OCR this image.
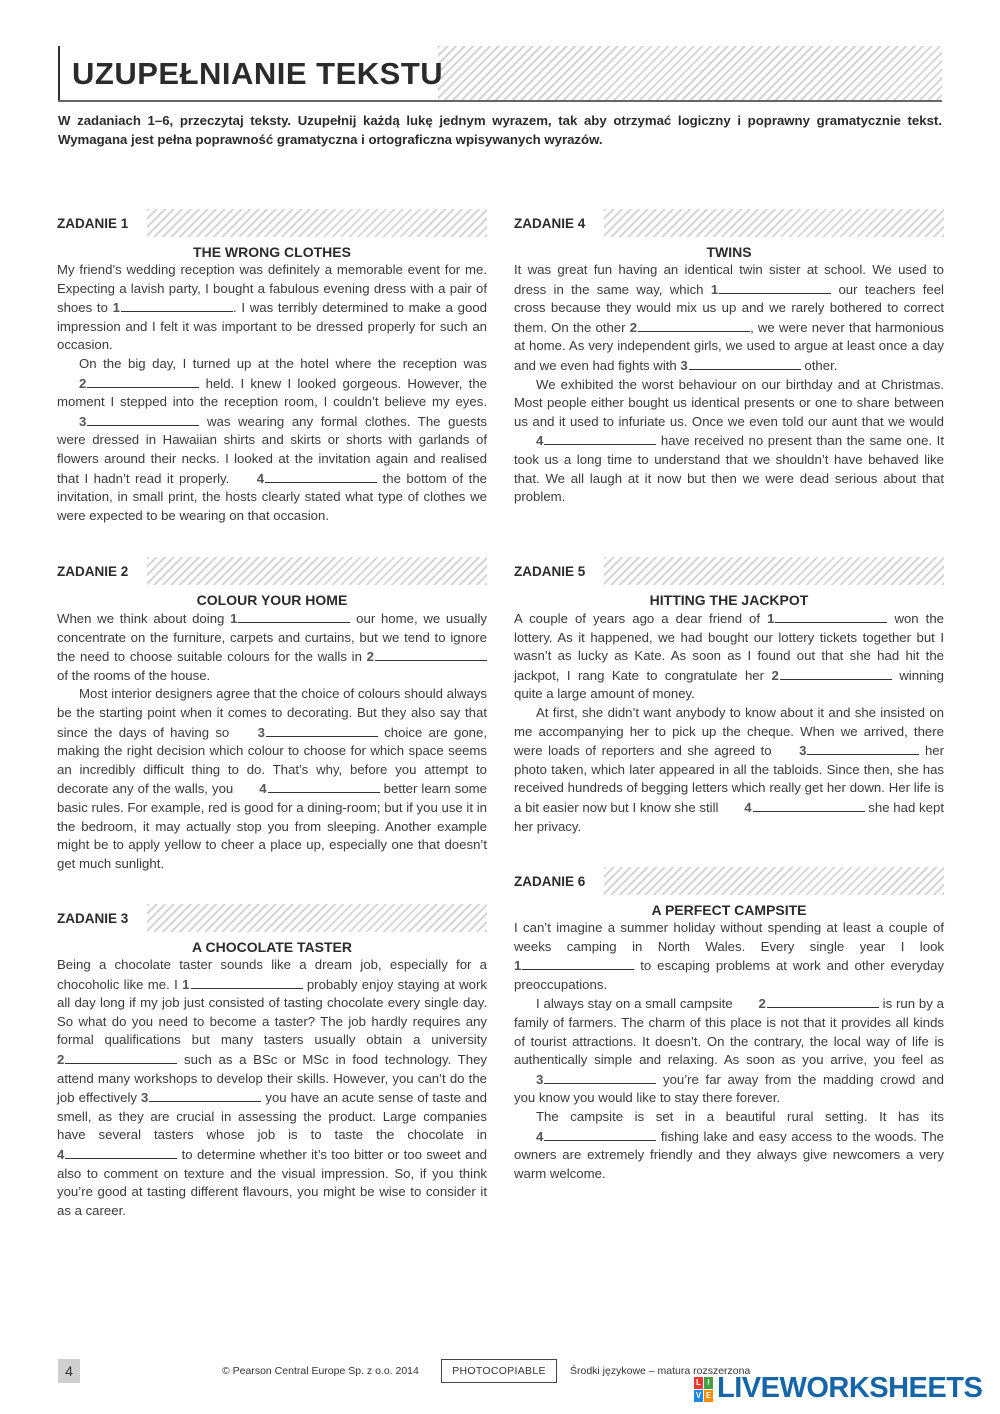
UZUPEŁNIANIE TEKSTU

W zadaniach 1–6, przeczytaj teksty. Uzupełnij każdą lukę jednym wyrazem, tak aby otrzymać logiczny i poprawny gramatycznie tekst. Wymagana jest pełna poprawność gramatyczna i ortograficzna wpisywanych wyrazów.

ZADANIE 1
THE WRONG CLOTHES

My friend’s wedding reception was definitely a memorable event for me. Expecting a lavish party, I bought a fabulous evening dress with a pair of shoes to 1	. I was terribly determined to make a good impression and I felt it was important to be dressed properly for such an occasion.

On the big day, I turned up at the hotel where the reception was 2	held. I knew I looked gorgeous. However, the moment I stepped into the reception room, I couldn’t believe my eyes. 3	was wearing any formal clothes. The guests were dressed in Hawaiian shirts and skirts or shorts with garlands of flowers around their necks. I looked at the invitation again and realised that I hadn’t read it properly. 4	the bottom of the invitation, in small print, the hosts clearly stated what type of clothes we were expected to be wearing on that occasion.

ZADANIE 2
COLOUR YOUR HOME

When we think about doing 1	our home, we usually concentrate on the furniture, carpets and curtains, but we tend to ignore the need to choose suitable colours for the walls in 2 of the rooms of the house.

Most interior designers agree that the choice of colours should always be the starting point when it comes to decorating. But they also say that since the days of having so 3	choice are gone, making the right decision which colour to choose for which space seems an incredibly difficult thing to do. That’s why, before you attempt to decorate any of the walls, you 4	better learn some basic rules. For example, red is good for a dining-room; but if you use it in the bedroom, it may actually stop you from sleeping. Another example might be to apply yellow to cheer a place up, especially one that doesn’t get much sunlight.

ZADANIE 3
A CHOCOLATE TASTER

Being a chocolate taster sounds like a dream job, especially for a chocoholic like me. I 1	probably enjoy staying at work all day long if my job just consisted of tasting chocolate every single day. So what do you need to become a taster? The job hardly requires any formal qualifications but many tasters usually obtain a university 2	such as a BSc or MSc in food technology. They attend many workshops to develop their skills. However, you can’t do the job effectively 3	you have an acute sense of taste and smell, as they are crucial in assessing the product. Large companies have several tasters whose job is to taste the chocolate in 4	to determine whether it’s too bitter or too sweet and also to comment on texture and the visual impression. So, if you think you’re good at tasting different flavours, you might be wise to consider it as a career.

ZADANIE 4
TWINS

It was great fun having an identical twin sister at school. We used to dress in the same way, which 1	our teachers feel cross because they would mix us up and we rarely bothered to correct them. On the other 2	, we were never that harmonious at home. As very independent girls, we used to argue at least once a day and we even had fights with 3	other.

We exhibited the worst behaviour on our birthday and at Christmas. Most people either bought us identical presents or one to share between us and it used to infuriate us. Once we even told our aunt that we would 4	have received no present than the same one. It took us a long time to understand that we shouldn’t have behaved like that. We all laugh at it now but then we were dead serious about that problem.

ZADANIE 5
HITTING THE JACKPOT

A couple of years ago a dear friend of 1	won the lottery. As it happened, we had bought our lottery tickets together but I wasn’t as lucky as Kate. As soon as I found out that she had hit the jackpot, I rang Kate to congratulate her 2	winning quite a large amount of money.

At first, she didn’t want anybody to know about it and she insisted on me accompanying her to pick up the cheque. When we arrived, there were loads of reporters and she agreed to 3	her photo taken, which later appeared in all the tabloids. Since then, she has received hundreds of begging letters which really get her down. Her life is a bit easier now but I know she still 4	she had kept her privacy.

ZADANIE 6
A PERFECT CAMPSITE

I can’t imagine a summer holiday without spending at least a couple of weeks camping in North Wales. Every single year I look 1	to escaping problems at work and other everyday preoccupations.

I always stay on a small campsite 2	is run by a family of farmers. The charm of this place is not that it provides all kinds of tourist attractions. It doesn’t. On the contrary, the local way of life is authentically simple and relaxing. As soon as you arrive, you feel as 3	you’re far away from the madding crowd and you know you would like to stay there forever.

The campsite is set in a beautiful rural setting. It has its 4	fishing lake and easy access to the woods. The owners are extremely friendly and they always give newcomers a very warm welcome.

4	© Pearson Central Europe Sp. z o.o. 2014	PHOTOCOPIABLE	Środki językowe – matura rozszerzona
L I
V E LIVEWORKSHEETS
